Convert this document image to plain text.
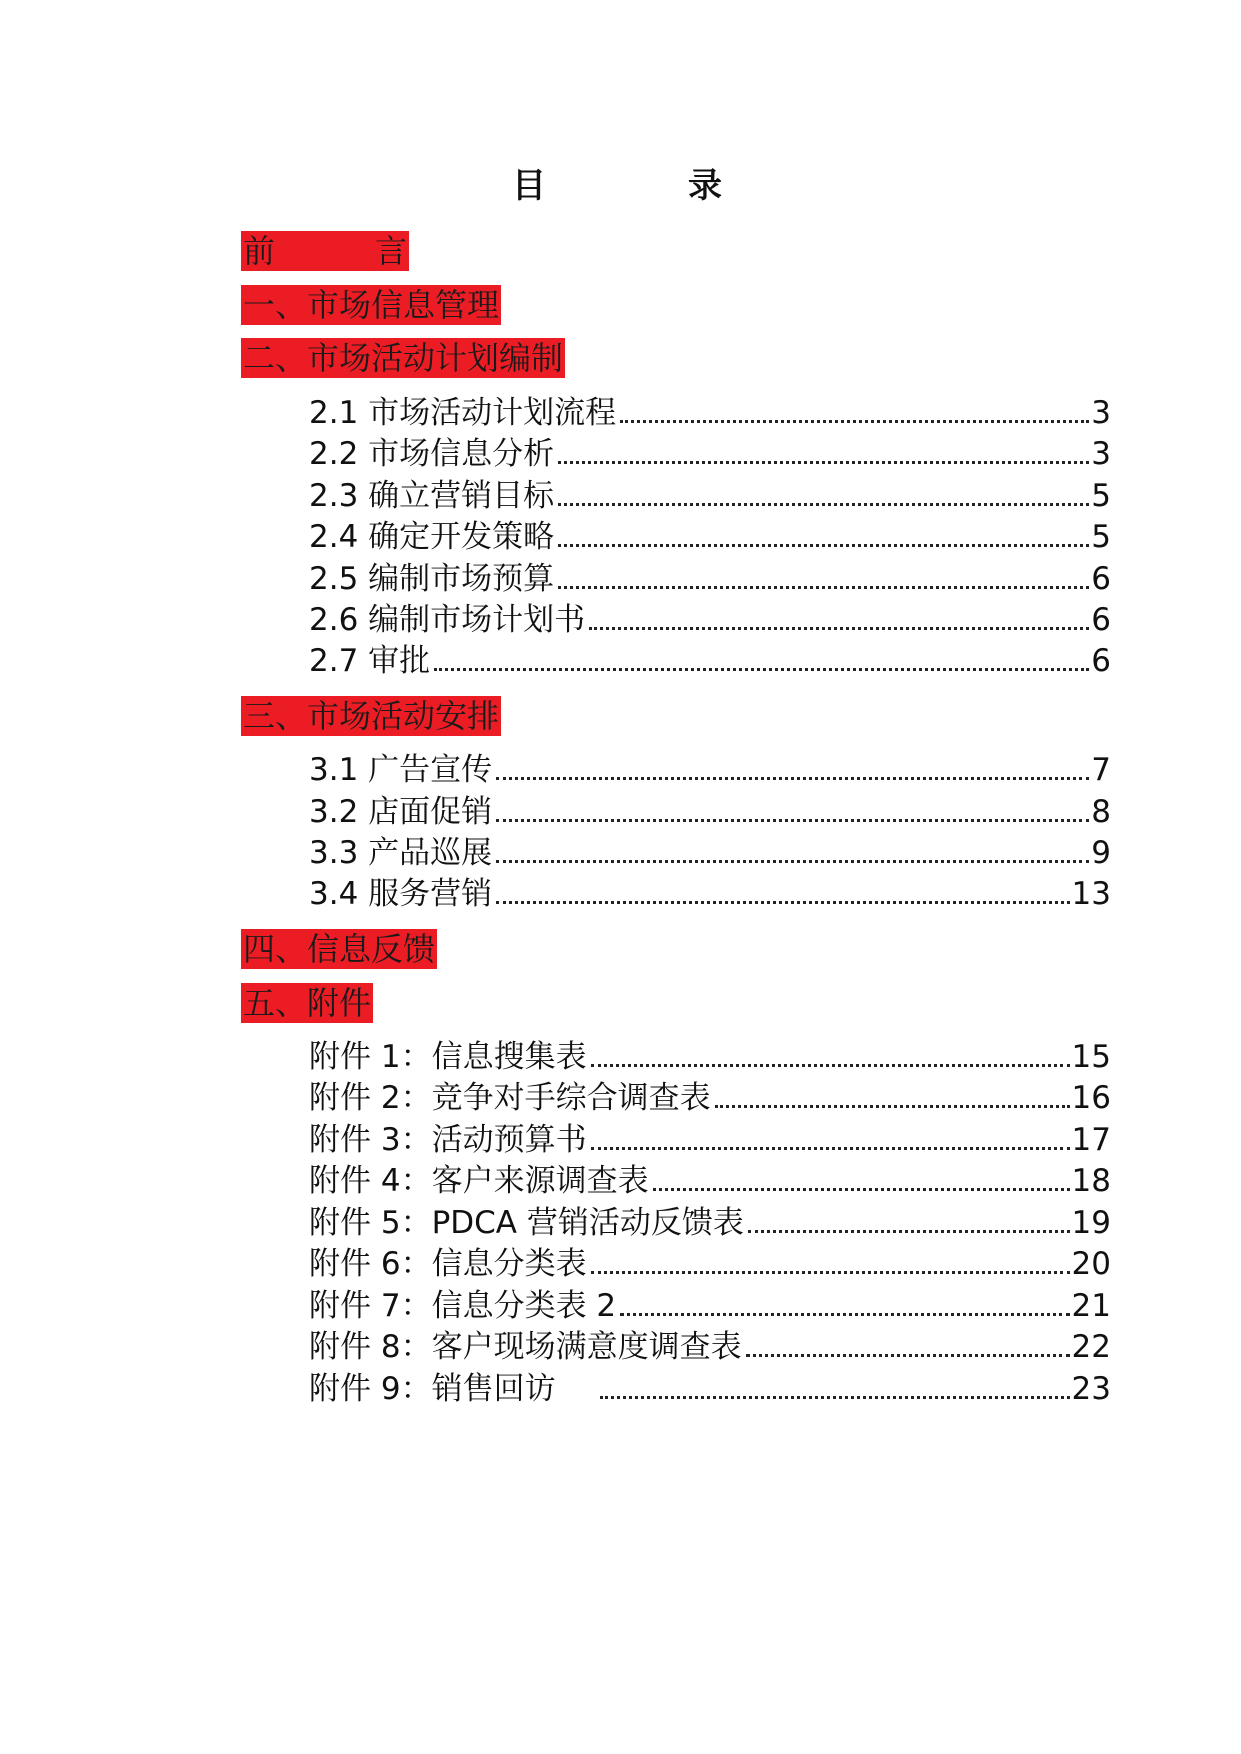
目	录
前	言
一、市场信息管理
二、市场活动计划编制
2.1 市场活动计划流程	3
2.2 市场信息分析	3
2.3 确立营销目标	5
2.4 确定开发策略	5
2.5 编制市场预算	6
2.6 编制市场计划书	6
2.7 审批	6
三、市场活动安排
3.1 广告宣传	7
3.2 店面促销	8
3.3 产品巡展	9
3.4 服务营销	13
四、信息反馈
五、附件
附件 1：信息搜集表	15
附件 2：竞争对手综合调查表	16
附件 3：活动预算书	17
附件 4：客户来源调查表	18
附件 5：PDCA 营销活动反馈表	19
附件 6：信息分类表	20
附件 7：信息分类表 2	21
附件 8：客户现场满意度调查表	22
附件 9：销售回访	23
